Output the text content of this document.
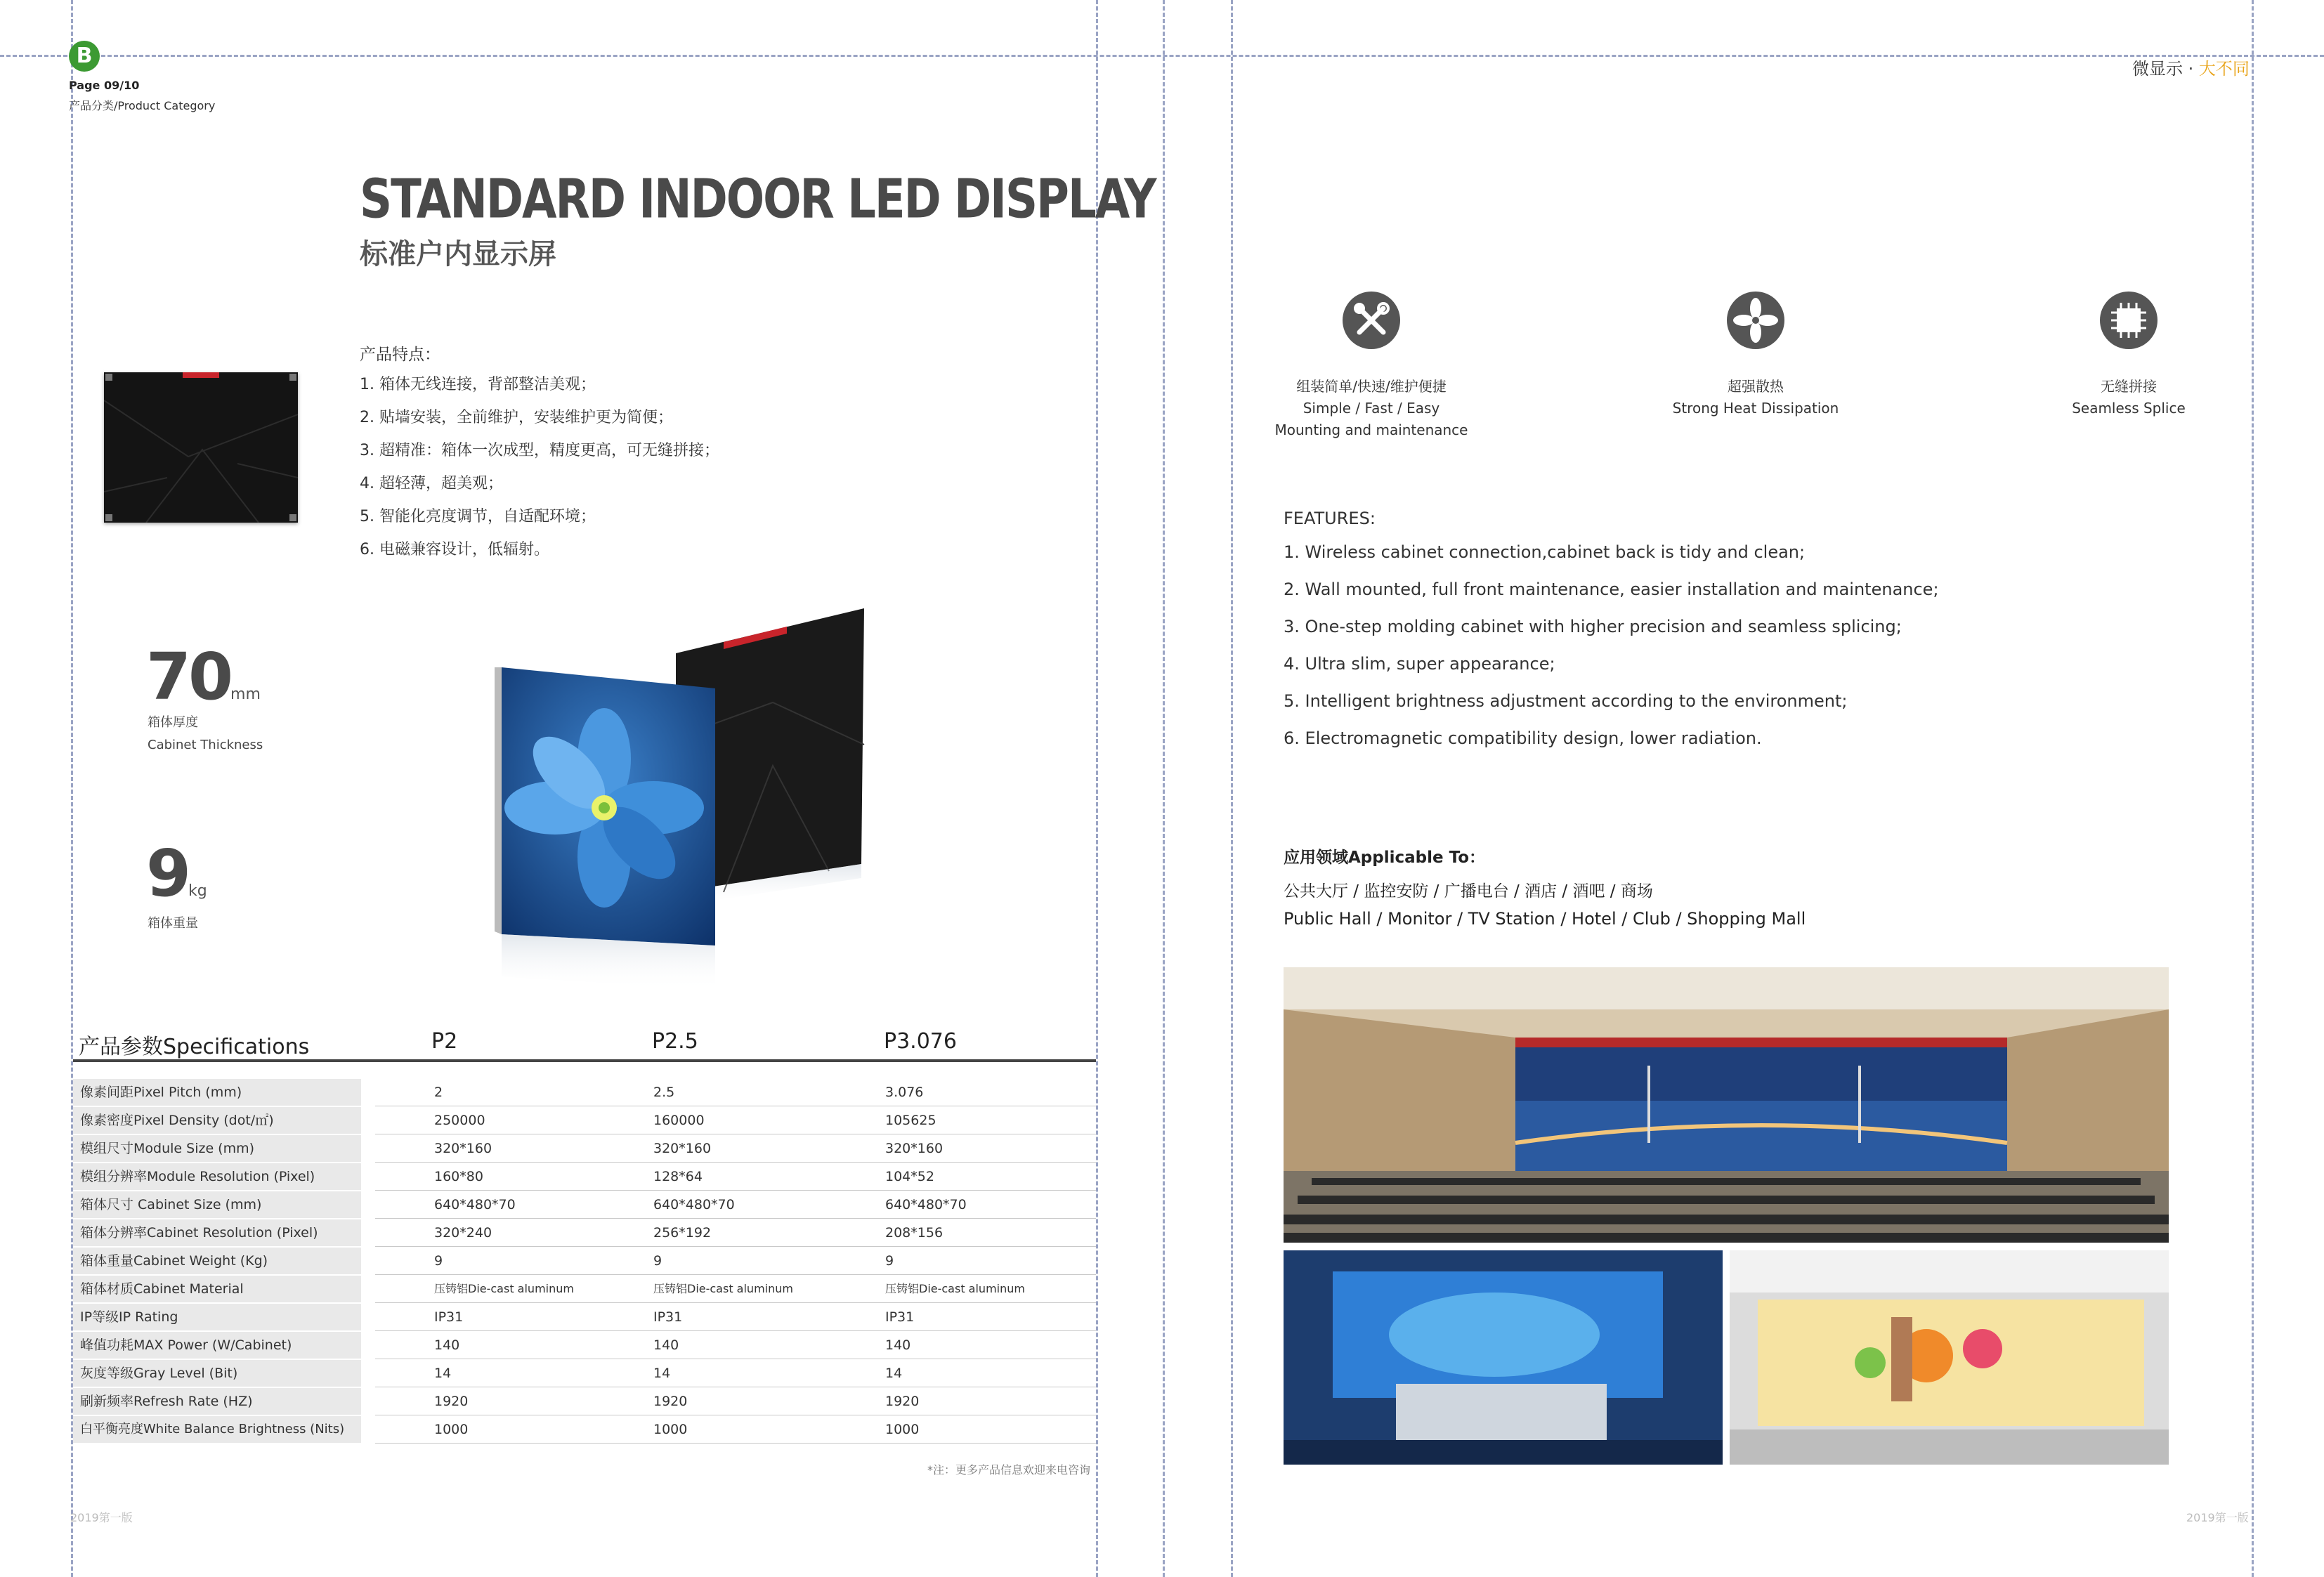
B
Page 09/10
产品分类/Product Category
STANDARD INDOOR LED DISPLAY
标准户内显示屏
产品特点：
1. 箱体无线连接，背部整洁美观；
2. 贴墙安装，全前维护，安装维护更为简便；
3. 超精准：箱体一次成型，精度更高，可无缝拼接；
4. 超轻薄，超美观；
5. 智能化亮度调节，自适配环境；
6. 电磁兼容设计，低辐射。
70mm
箱体厚度
Cabinet Thickness
9kg
箱体重量
产品参数Specifications	P2	P2.5	P3.076
像素间距Pixel Pitch (mm)	2	2.5	3.076
像素密度Pixel Density (dot/㎡)	250000	160000	105625
模组尺寸Module Size (mm)	320*160	320*160	320*160
模组分辨率Module Resolution (Pixel)	160*80	128*64	104*52
箱体尺寸 Cabinet Size (mm)	640*480*70	640*480*70	640*480*70
箱体分辨率Cabinet Resolution (Pixel)	320*240	256*192	208*156
箱体重量Cabinet Weight (Kg)	9	9	9
箱体材质Cabinet Material	压铸铝Die-cast aluminum	压铸铝Die-cast aluminum	压铸铝Die-cast aluminum
IP等级IP Rating	IP31	IP31	IP31
峰值功耗MAX Power (W/Cabinet)	140	140	140
灰度等级Gray Level (Bit)	14	14	14
刷新频率Refresh Rate (HZ)	1920	1920	1920
白平衡亮度White Balance Brightness (Nits)	1000	1000	1000
*注：更多产品信息欢迎来电咨询
2019第一版
微显示 · 大不同
组装简单/快速/维护便捷
Simple / Fast / Easy
Mounting and maintenance
超强散热
Strong Heat Dissipation
无缝拼接
Seamless Splice
FEATURES:
1. Wireless cabinet connection,cabinet back is tidy and clean;
2. Wall mounted, full front maintenance, easier installation and maintenance;
3. One-step molding cabinet with higher precision and seamless splicing;
4. Ultra slim, super appearance;
5. Intelligent brightness adjustment according to the environment;
6. Electromagnetic compatibility design, lower radiation.
应用领域Applicable To：
公共大厅 / 监控安防 / 广播电台 / 酒店 / 酒吧 / 商场
Public Hall / Monitor / TV Station / Hotel / Club / Shopping Mall
2019第一版
